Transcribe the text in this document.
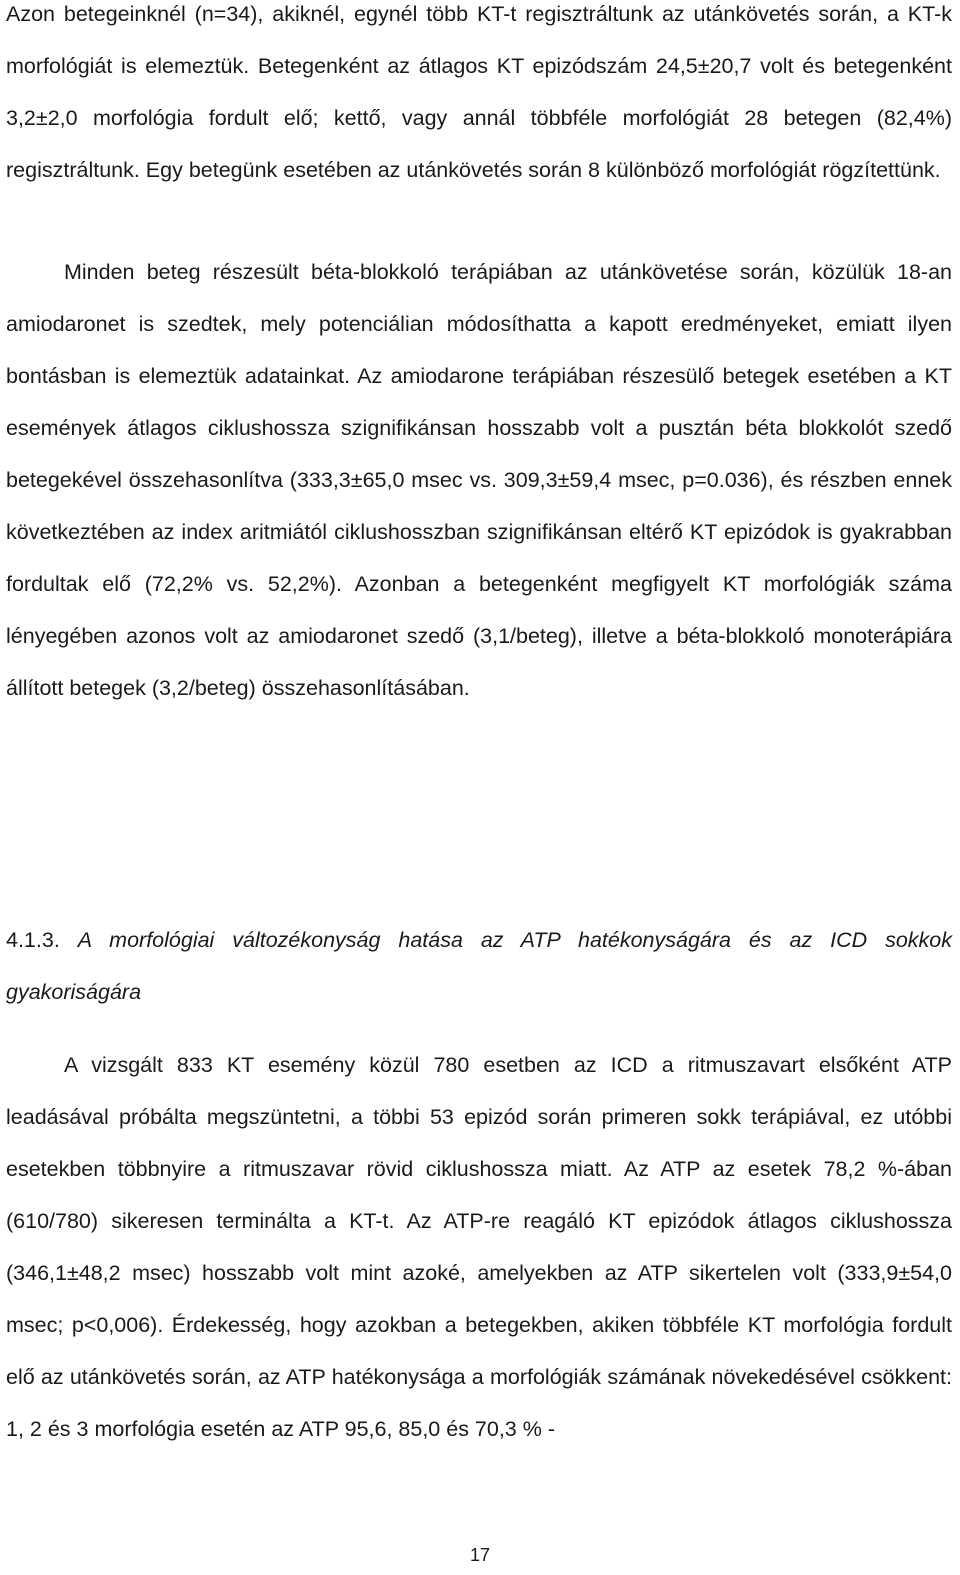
Azon betegeinknél (n=34), akiknél, egynél több KT-t regisztráltunk az utánkövetés során, a KT-k morfológiát is elemeztük. Betegenként az átlagos KT epizódszám 24,5±20,7 volt és betegenként 3,2±2,0 morfológia fordult elő; kettő, vagy annál többféle morfológiát 28 betegen (82,4%) regisztráltunk. Egy betegünk esetében az utánkövetés során 8 különböző morfológiát rögzítettünk.

Minden beteg részesült béta-blokkoló terápiában az utánkövetése során, közülük 18-an amiodaronet is szedtek, mely potenciálian módosíthatta a kapott eredményeket, emiatt ilyen bontásban is elemeztük adatainkat. Az amiodarone terápiában részesülő betegek esetében a KT események átlagos ciklushossza szignifikánsan hosszabb volt a pusztán béta blokkolót szedő betegekével összehasonlítva (333,3±65,0 msec vs. 309,3±59,4 msec, p=0.036), és részben ennek következtében az index aritmiától ciklushosszban szignifikánsan eltérő KT epizódok is gyakrabban fordultak elő (72,2% vs. 52,2%). Azonban a betegenként megfigyelt KT morfológiák száma lényegében azonos volt az amiodaronet szedő (3,1/beteg), illetve a béta-blokkoló monoterápiára állított betegek (3,2/beteg) összehasonlításában.

4.1.3. A morfológiai változékonyság hatása az ATP hatékonyságára és az ICD sokkok gyakoriságára

A vizsgált 833 KT esemény közül 780 esetben az ICD a ritmuszavart elsőként ATP leadásával próbálta megszüntetni, a többi 53 epizód során primeren sokk terápiával, ez utóbbi esetekben többnyire a ritmuszavar rövid ciklushossza miatt. Az ATP az esetek 78,2 %-ában (610/780) sikeresen terminálta a KT-t. Az ATP-re reagáló KT epizódok átlagos ciklushossza (346,1±48,2 msec) hosszabb volt mint azoké, amelyekben az ATP sikertelen volt (333,9±54,0 msec; p<0,006). Érdekesség, hogy azokban a betegekben, akiken többféle KT morfológia fordult elő az utánkövetés során, az ATP hatékonysága a morfológiák számának növekedésével csökkent: 1, 2 és 3 morfológia esetén az ATP 95,6, 85,0 és 70,3 % -

17
